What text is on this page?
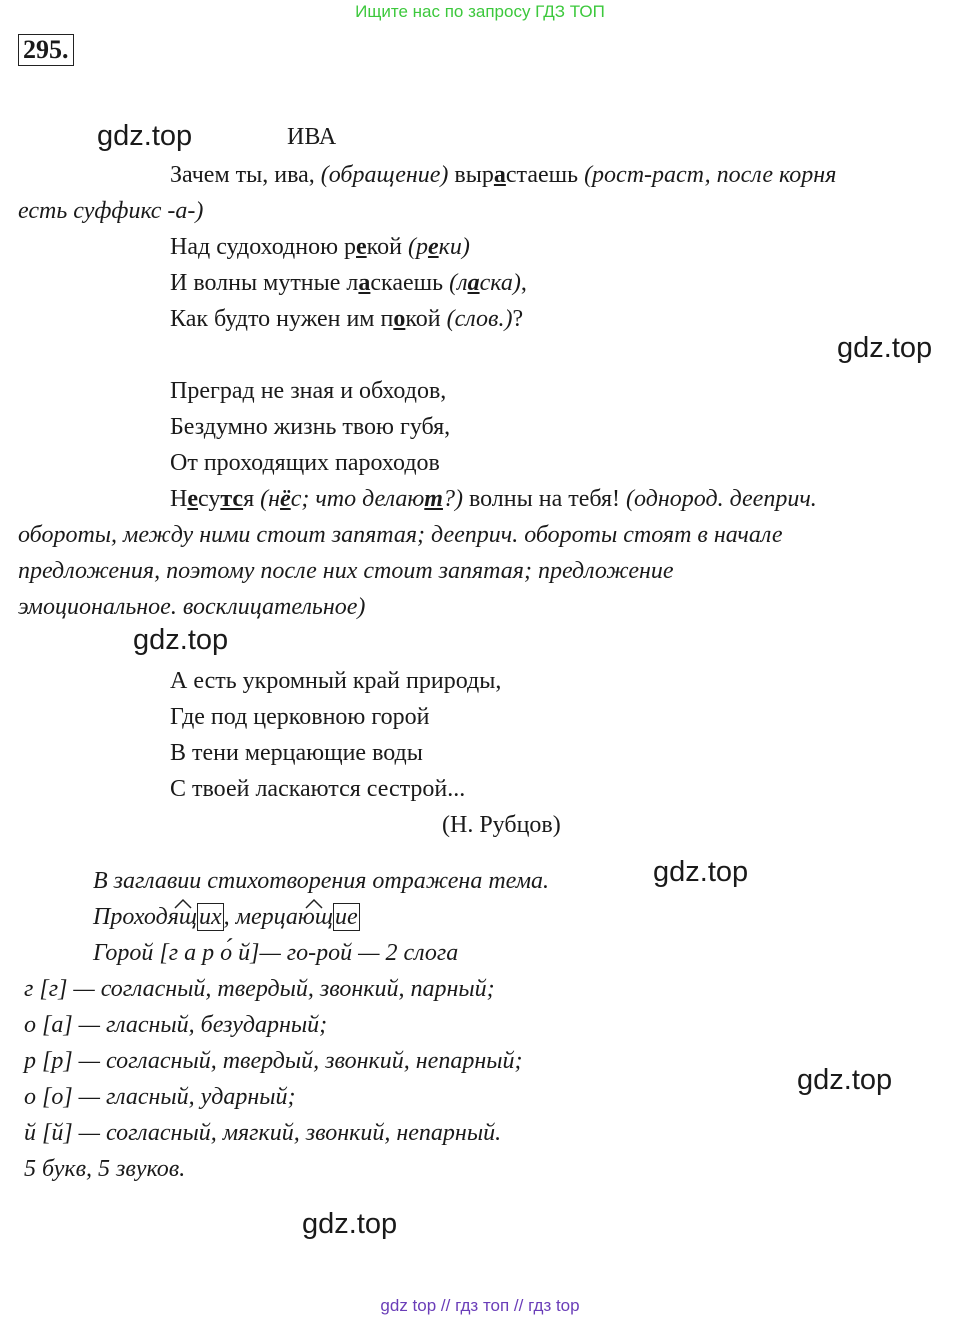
Ищите нас по запросу ГДЗ ТОП
295.
gdz.top
gdz.top
gdz.top
gdz.top
gdz.top
gdz.top
ИВА
Зачем ты, ива, (обращение) вырастаешь (рост-раст, после корня
есть суффикс -а-)
Над судоходною рекой (реки)
И волны мутные ласкаешь (ласка),
Как будто нужен им покой (слов.)?
Преград не зная и обходов,
Бездумно жизнь твою губя,
От проходящих пароходов
Несутся (нёс; что делают?) волны на тебя! (однород. дееприч.
обороты, между ними стоит запятая; дееприч. обороты стоят в начале
предложения, поэтому после них стоит запятая; предложение
эмоциональное. восклицательное)
А есть укромный край природы,
Где под церковною горой
В тени мерцающие воды
С твоей ласкаются сестрой...
(Н. Рубцов)
В заглавии стихотворения отражена тема.
Проходящих
, мерцающие
Горой [г а р о́ й]— го-рой — 2 слога
г [г] — согласный, твердый, звонкий, парный;
о [а] — гласный, безударный;
р [р] — согласный, твердый, звонкий, непарный;
о [о] — гласный, ударный;
й [й] — согласный, мягкий, звонкий, непарный.
5 букв, 5 звуков.
gdz top // гдз топ // гдз top
